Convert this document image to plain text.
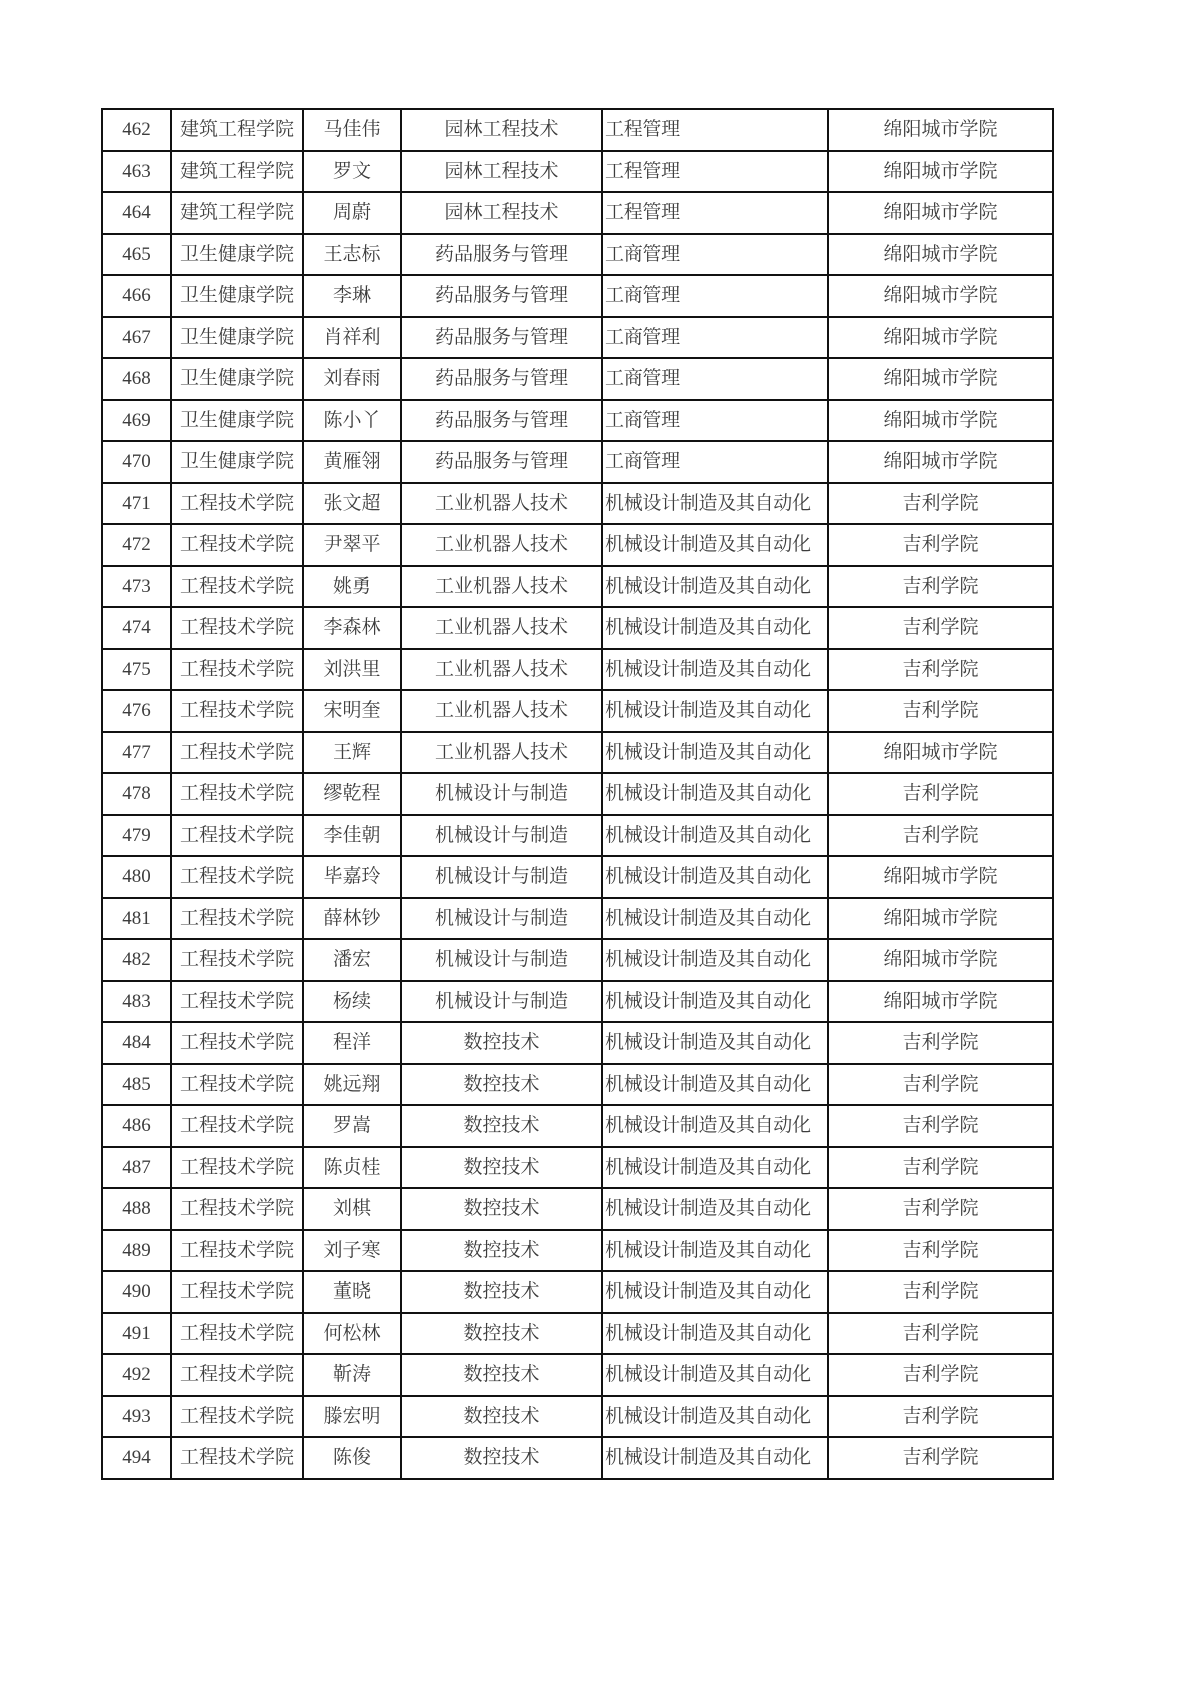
462	建筑工程学院	马佳伟	园林工程技术	工程管理	绵阳城市学院
463	建筑工程学院	罗文	园林工程技术	工程管理	绵阳城市学院
464	建筑工程学院	周蔚	园林工程技术	工程管理	绵阳城市学院
465	卫生健康学院	王志标	药品服务与管理	工商管理	绵阳城市学院
466	卫生健康学院	李琳	药品服务与管理	工商管理	绵阳城市学院
467	卫生健康学院	肖祥利	药品服务与管理	工商管理	绵阳城市学院
468	卫生健康学院	刘春雨	药品服务与管理	工商管理	绵阳城市学院
469	卫生健康学院	陈小丫	药品服务与管理	工商管理	绵阳城市学院
470	卫生健康学院	黄雁翎	药品服务与管理	工商管理	绵阳城市学院
471	工程技术学院	张文超	工业机器人技术	机械设计制造及其自动化	吉利学院
472	工程技术学院	尹翠平	工业机器人技术	机械设计制造及其自动化	吉利学院
473	工程技术学院	姚勇	工业机器人技术	机械设计制造及其自动化	吉利学院
474	工程技术学院	李森林	工业机器人技术	机械设计制造及其自动化	吉利学院
475	工程技术学院	刘洪里	工业机器人技术	机械设计制造及其自动化	吉利学院
476	工程技术学院	宋明奎	工业机器人技术	机械设计制造及其自动化	吉利学院
477	工程技术学院	王辉	工业机器人技术	机械设计制造及其自动化	绵阳城市学院
478	工程技术学院	缪乾程	机械设计与制造	机械设计制造及其自动化	吉利学院
479	工程技术学院	李佳朝	机械设计与制造	机械设计制造及其自动化	吉利学院
480	工程技术学院	毕嘉玲	机械设计与制造	机械设计制造及其自动化	绵阳城市学院
481	工程技术学院	薛林钞	机械设计与制造	机械设计制造及其自动化	绵阳城市学院
482	工程技术学院	潘宏	机械设计与制造	机械设计制造及其自动化	绵阳城市学院
483	工程技术学院	杨续	机械设计与制造	机械设计制造及其自动化	绵阳城市学院
484	工程技术学院	程洋	数控技术	机械设计制造及其自动化	吉利学院
485	工程技术学院	姚远翔	数控技术	机械设计制造及其自动化	吉利学院
486	工程技术学院	罗嵩	数控技术	机械设计制造及其自动化	吉利学院
487	工程技术学院	陈贞桂	数控技术	机械设计制造及其自动化	吉利学院
488	工程技术学院	刘棋	数控技术	机械设计制造及其自动化	吉利学院
489	工程技术学院	刘子寒	数控技术	机械设计制造及其自动化	吉利学院
490	工程技术学院	董晓	数控技术	机械设计制造及其自动化	吉利学院
491	工程技术学院	何松林	数控技术	机械设计制造及其自动化	吉利学院
492	工程技术学院	靳涛	数控技术	机械设计制造及其自动化	吉利学院
493	工程技术学院	滕宏明	数控技术	机械设计制造及其自动化	吉利学院
494	工程技术学院	陈俊	数控技术	机械设计制造及其自动化	吉利学院
